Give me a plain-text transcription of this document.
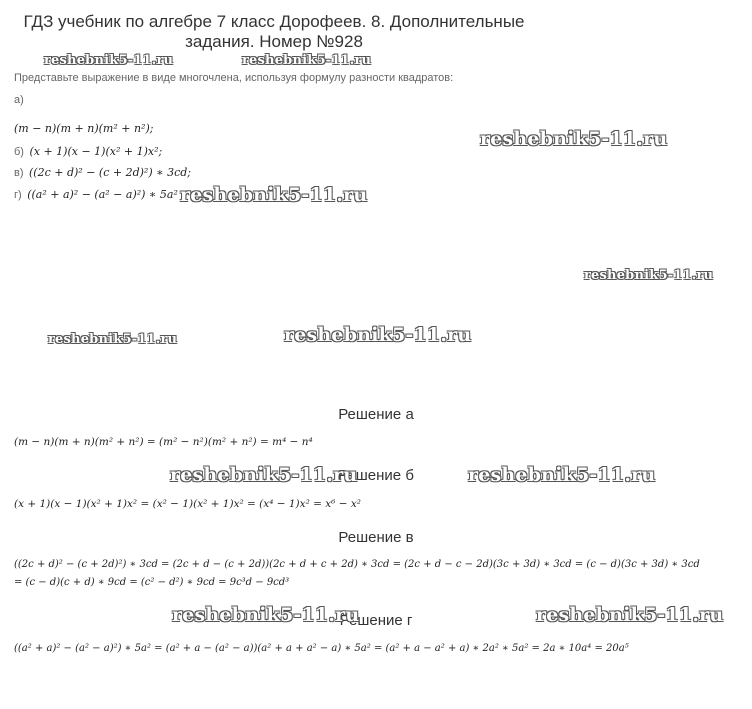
ГДЗ учебник по алгебре 7 класс Дорофеев. 8. Дополнительные задания. Номер №928
reshebnik5-11.ru	reshebnik5-11.ru
Представьте выражение в виде многочлена, используя формулу разности квадратов:
а)
(m − n)(m + n)(m² + n²);
б) (x + 1)(x − 1)(x² + 1)x²;
в) ((2c + d)² − (c + 2d)²) ∗ 3cd;
г) ((a² + a)² − (a² − a)²) ∗ 5a² reshebnik5-11.ru
reshebnik5-11.ru
reshebnik5-11.ru
reshebnik5-11.ru	reshebnik5-11.ru
Решение а
(m − n)(m + n)(m² + n²) = (m² − n²)(m² + n²) = m⁴ − n⁴
Решение б
reshebnik5-11.ru	reshebnik5-11.ru
(x + 1)(x − 1)(x² + 1)x² = (x² − 1)(x² + 1)x² = (x⁴ − 1)x² = x⁶ − x²
Решение в
((2c + d)² − (c + 2d)²) ∗ 3cd = (2c + d − (c + 2d))(2c + d + c + 2d) ∗ 3cd = (2c + d − c − 2d)(3c + 3d) ∗ 3cd = (c − d)(3c + 3d) ∗ 3cd
= (c − d)(c + d) ∗ 9cd = (c² − d²) ∗ 9cd = 9c³d − 9cd³
Решение г
reshebnik5-11.ru	reshebnik5-11.ru
((a² + a)² − (a² − a)²) ∗ 5a² = (a² + a − (a² − a))(a² + a + a² − a) ∗ 5a² = (a² + a − a² + a) ∗ 2a² ∗ 5a² = 2a ∗ 10a⁴ = 20a⁵
